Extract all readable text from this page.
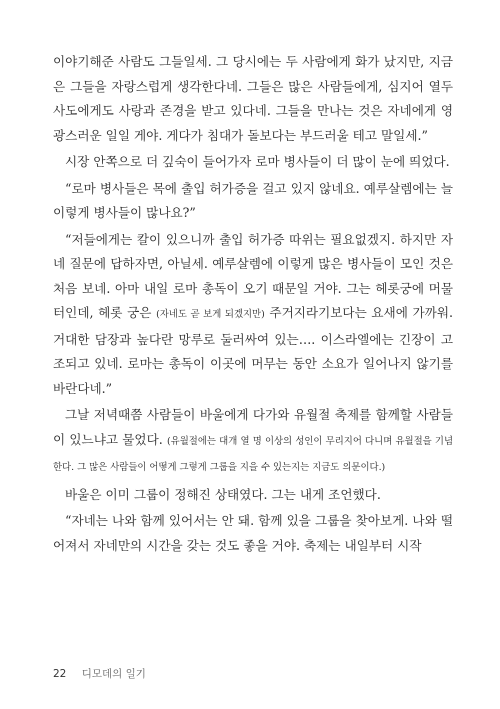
이야기해준 사람도 그들일세. 그 당시에는 두 사람에게 화가 났지만, 지금은 그들을 자랑스럽게 생각한다네. 그들은 많은 사람들에게, 심지어 열두 사도에게도 사랑과 존경을 받고 있다네. 그들을 만나는 것은 자네에게 영광스러운 일일 게야. 게다가 침대가 돌보다는 부드러울 테고 말일세.”

시장 안쪽으로 더 깊숙이 들어가자 로마 병사들이 더 많이 눈에 띄었다.

“로마 병사들은 목에 출입 허가증을 걸고 있지 않네요. 예루살렘에는 늘 이렇게 병사들이 많나요?”

“저들에게는 칼이 있으니까 출입 허가증 따위는 필요없겠지. 하지만 자네 질문에 답하자면, 아닐세. 예루살렘에 이렇게 많은 병사들이 모인 것은 처음 보네. 아마 내일 로마 총독이 오기 때문일 거야. 그는 헤롯궁에 머물 터인데, 헤롯 궁은 (자네도 곧 보게 되겠지만) 주거지라기보다는 요새에 가까워. 거대한 담장과 높다란 망루로 둘러싸여 있는…. 이스라엘에는 긴장이 고조되고 있네. 로마는 총독이 이곳에 머무는 동안 소요가 일어나지 않기를 바란다네.”

그날 저녁때쯤 사람들이 바울에게 다가와 유월절 축제를 함께할 사람들이 있느냐고 물었다. (유월절에는 대개 열 명 이상의 성인이 무리지어 다니며 유월절을 기념한다. 그 많은 사람들이 어떻게 그렇게 그룹을 지을 수 있는지는 지금도 의문이다.)

바울은 이미 그룹이 정해진 상태였다. 그는 내게 조언했다.

“자네는 나와 함께 있어서는 안 돼. 함께 있을 그룹을 찾아보게. 나와 떨어져서 자네만의 시간을 갖는 것도 좋을 거야. 축제는 내일부터 시작

22 디모데의 일기
